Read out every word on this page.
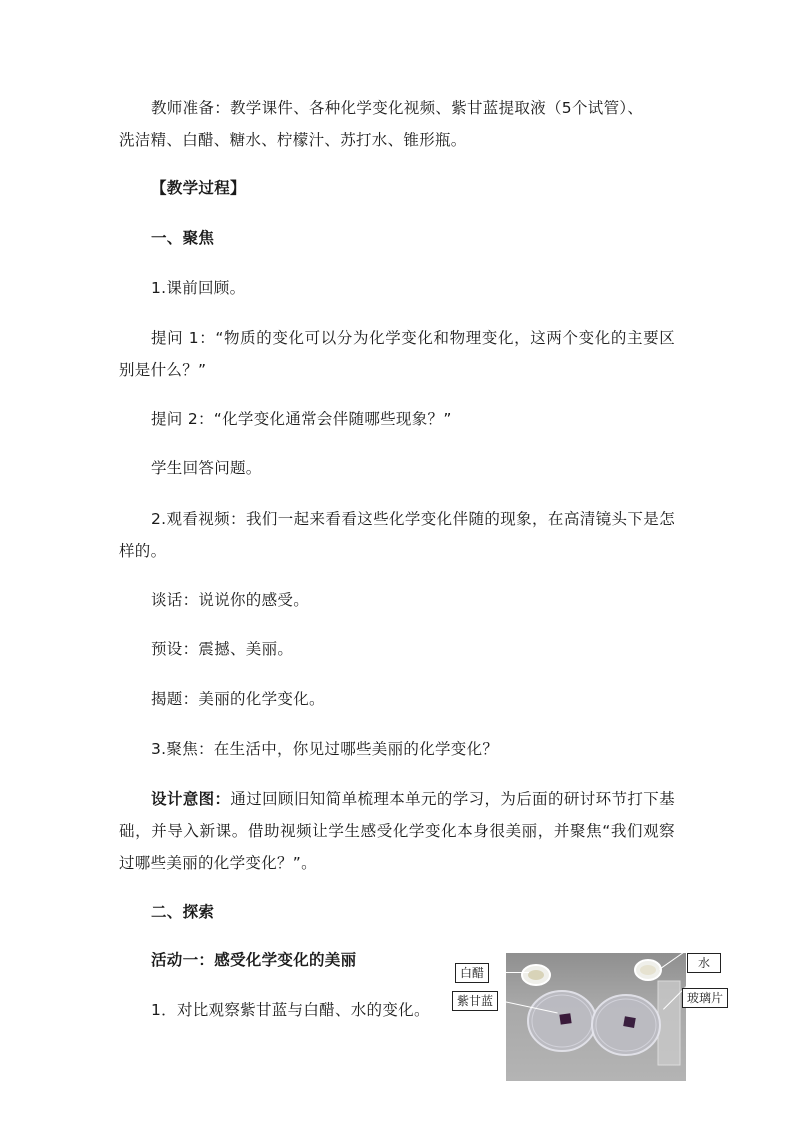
教师准备：教学课件、各种化学变化视频、紫甘蓝提取液（5个试管）、

洗洁精、白醋、糖水、柠檬汁、苏打水、锥形瓶。

【教学过程】

一、聚焦

1.课前回顾。

提问 1：“物质的变化可以分为化学变化和物理变化，这两个变化的主要区别是什么？”

提问 2：“化学变化通常会伴随哪些现象？”

学生回答问题。

2.观看视频：我们一起来看看这些化学变化伴随的现象，在高清镜头下是怎样的。

谈话：说说你的感受。

预设：震撼、美丽。

揭题：美丽的化学变化。

3.聚焦：在生活中，你见过哪些美丽的化学变化？

设计意图：通过回顾旧知简单梳理本单元的学习，为后面的研讨环节打下基础，并导入新课。借助视频让学生感受化学变化本身很美丽，并聚焦“我们观察过哪些美丽的化学变化？”。

二、探索

活动一：感受化学变化的美丽

1．对比观察紫甘蓝与白醋、水的变化。

白醋
紫甘蓝
水
玻璃片
